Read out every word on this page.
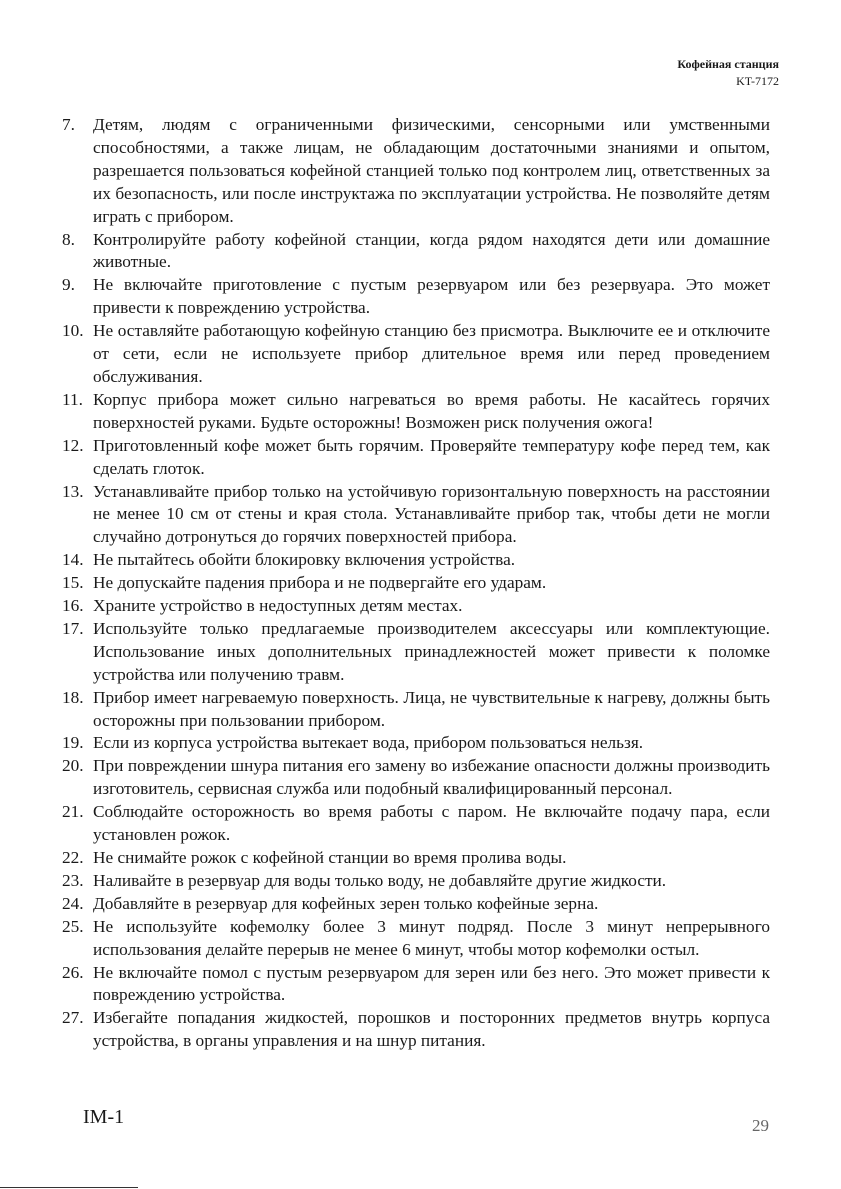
Кофейная станция
KT-7172
7.	Детям, людям с ограниченными физическими, сенсорными или умственными способностями, а также лицам, не обладающим достаточными знаниями и опытом, разрешается пользоваться кофейной станцией только под контролем лиц, ответственных за их безопасность, или после инструктажа по эксплуатации устройства. Не позволяйте детям играть с прибором.
8.	Контролируйте работу кофейной станции, когда рядом находятся дети или домашние животные.
9.	Не включайте приготовление с пустым резервуаром или без резервуара. Это может привести к повреждению устройства.
10. Не оставляйте работающую кофейную станцию без присмотра. Выключите ее и отключите от сети, если не используете прибор длительное время или перед проведением обслуживания.
11. Корпус прибора может сильно нагреваться во время работы. Не касайтесь горячих поверхностей руками. Будьте осторожны! Возможен риск получения ожога!
12. Приготовленный кофе может быть горячим. Проверяйте температуру кофе перед тем, как сделать глоток.
13. Устанавливайте прибор только на устойчивую горизонтальную поверхность на расстоянии не менее 10 см от стены и края стола. Устанавливайте прибор так, чтобы дети не могли случайно дотронуться до горячих поверхностей прибора.
14. Не пытайтесь обойти блокировку включения устройства.
15. Не допускайте падения прибора и не подвергайте его ударам.
16. Храните устройство в недоступных детям местах.
17. Используйте только предлагаемые производителем аксессуары или комплектующие. Использование иных дополнительных принадлежностей может привести к поломке устройства или получению травм.
18. Прибор имеет нагреваемую поверхность. Лица, не чувствительные к нагреву, должны быть осторожны при пользовании прибором.
19. Если из корпуса устройства вытекает вода, прибором пользоваться нельзя.
20. При повреждении шнура питания его замену во избежание опасности должны производить изготовитель, сервисная служба или подобный квалифицированный персонал.
21. Соблюдайте осторожность во время работы с паром. Не включайте подачу пара, если установлен рожок.
22. Не снимайте рожок с кофейной станции во время пролива воды.
23. Наливайте в резервуар для воды только воду, не добавляйте другие жидкости.
24. Добавляйте в резервуар для кофейных зерен только кофейные зерна.
25. Не используйте кофемолку более 3 минут подряд. После 3 минут непрерывного использования делайте перерыв не менее 6 минут, чтобы мотор кофемолки остыл.
26. Не включайте помол с пустым резервуаром для зерен или без него. Это может привести к повреждению устройства.
27. Избегайте попадания жидкостей, порошков и посторонних предметов внутрь корпуса устройства, в органы управления и на шнур питания.
IM-1	29
